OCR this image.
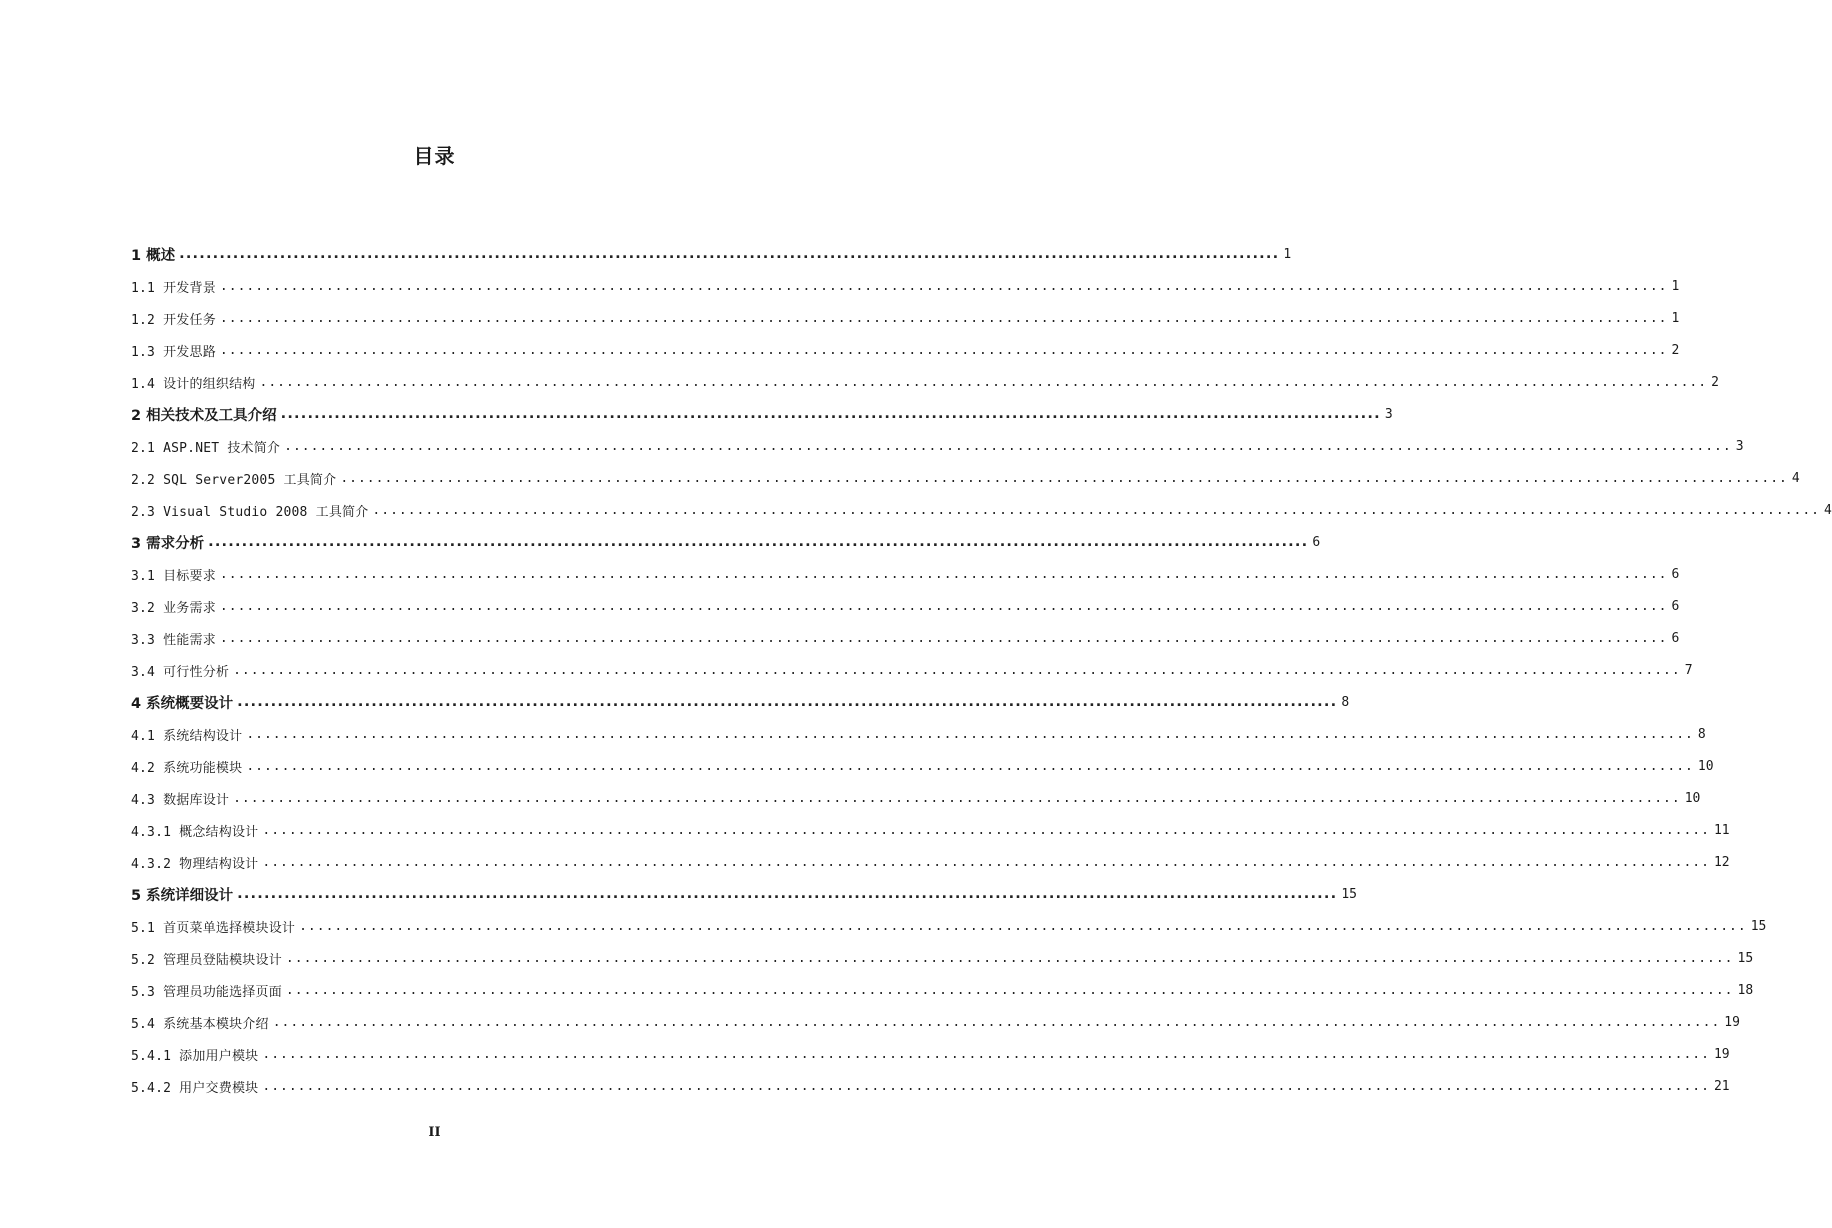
目录
1 概述 .................................................................................................................................................................... 1
1.1 开发背景 .................................................................................................................................................................... 1
1.2 开发任务 .................................................................................................................................................................... 1
1.3 开发思路 .................................................................................................................................................................... 2
1.4 设计的组织结构 .................................................................................................................................................................... 2
2 相关技术及工具介绍 .................................................................................................................................................................... 3
2.1 ASP.NET 技术简介 .................................................................................................................................................................... 3
2.2 SQL Server2005 工具简介 .................................................................................................................................................................... 4
2.3 Visual Studio 2008 工具简介 .................................................................................................................................................................... 4
3 需求分析 .................................................................................................................................................................... 6
3.1 目标要求 .................................................................................................................................................................... 6
3.2 业务需求 .................................................................................................................................................................... 6
3.3 性能需求 .................................................................................................................................................................... 6
3.4 可行性分析 .................................................................................................................................................................... 7
4 系统概要设计 .................................................................................................................................................................... 8
4.1 系统结构设计 .................................................................................................................................................................... 8
4.2 系统功能模块 .................................................................................................................................................................... 10
4.3 数据库设计 .................................................................................................................................................................... 10
4.3.1 概念结构设计 .................................................................................................................................................................... 11
4.3.2 物理结构设计 .................................................................................................................................................................... 12
5 系统详细设计 .................................................................................................................................................................... 15
5.1 首页菜单选择模块设计 .................................................................................................................................................................... 15
5.2 管理员登陆模块设计 .................................................................................................................................................................... 15
5.3 管理员功能选择页面 .................................................................................................................................................................... 18
5.4 系统基本模块介绍 .................................................................................................................................................................... 19
5.4.1 添加用户模块 .................................................................................................................................................................... 19
5.4.2 用户交费模块 .................................................................................................................................................................... 21
II
